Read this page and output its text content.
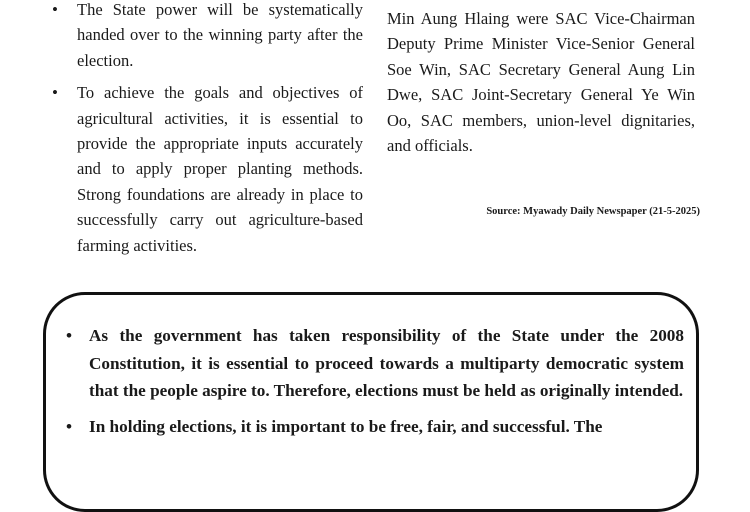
• The State power will be systematically handed over to the winning party after the election.
• To achieve the goals and objectives of agricultural activities, it is essential to provide the appropriate inputs accurately and to apply proper planting methods. Strong foundations are already in place to successfully carry out agriculture-based farming activities.

Min Aung Hlaing were SAC Vice-Chairman Deputy Prime Minister Vice-Senior General Soe Win, SAC Secretary General Aung Lin Dwe, SAC Joint-Secretary General Ye Win Oo, SAC members, union-level dignitaries, and officials.

Source: Myawady Daily Newspaper (21-5-2025)
• As the government has taken responsibility of the State under the 2008 Constitution, it is essential to proceed towards a multiparty democratic system that the people aspire to. Therefore, elections must be held as originally intended.
• In holding elections, it is important to be free, fair, and successful. The
